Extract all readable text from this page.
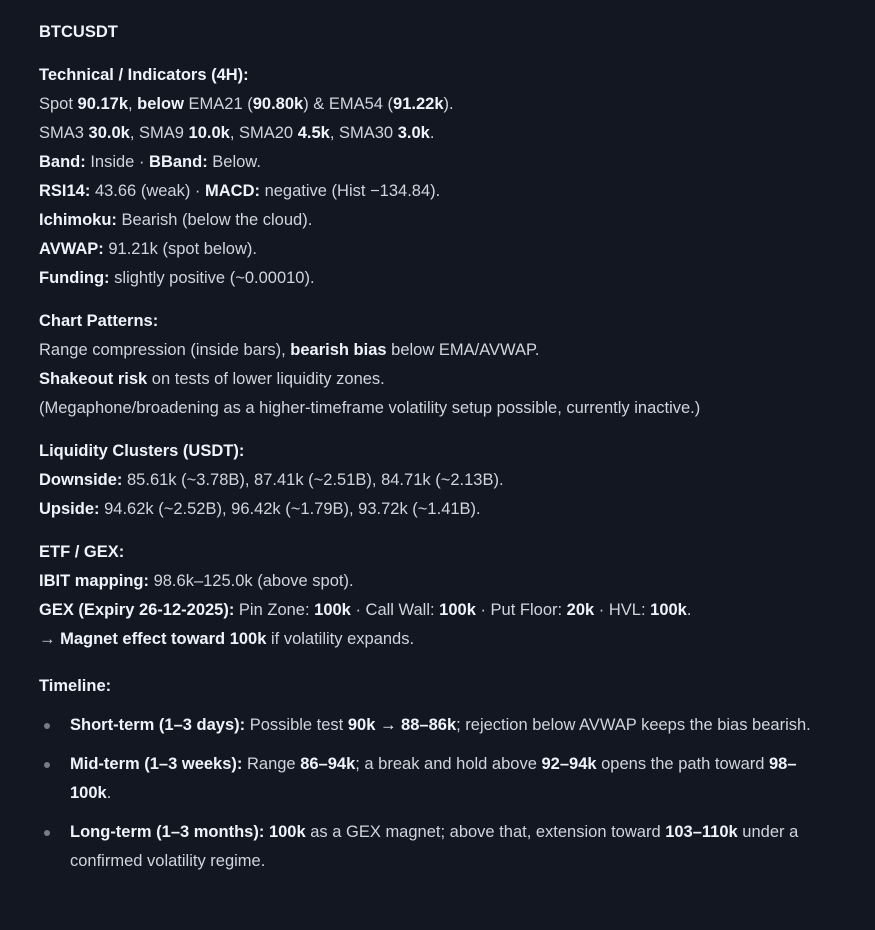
BTCUSDT

Technical / Indicators (4H):

Spot 90.17k, below EMA21 (90.80k) & EMA54 (91.22k).

SMA3 30.0k, SMA9 10.0k, SMA20 4.5k, SMA30 3.0k.

Band: Inside · BBand: Below.

RSI14: 43.66 (weak) · MACD: negative (Hist −134.84).

Ichimoku: Bearish (below the cloud).

AVWAP: 91.21k (spot below).

Funding: slightly positive (~0.00010).

Chart Patterns:

Range compression (inside bars), bearish bias below EMA/AVWAP.

Shakeout risk on tests of lower liquidity zones.

(Megaphone/broadening as a higher-timeframe volatility setup possible, currently inactive.)

Liquidity Clusters (USDT):

Downside: 85.61k (~3.78B), 87.41k (~2.51B), 84.71k (~2.13B).

Upside: 94.62k (~2.52B), 96.42k (~1.79B), 93.72k (~1.41B).

ETF / GEX:

IBIT mapping: 98.6k–125.0k (above spot).

GEX (Expiry 26-12-2025): Pin Zone: 100k · Call Wall: 100k · Put Floor: 20k · HVL: 100k.

→ Magnet effect toward 100k if volatility expands.

Timeline:

Short-term (1–3 days): Possible test 90k → 88–86k; rejection below AVWAP keeps the bias bearish.
Mid-term (1–3 weeks): Range 86–94k; a break and hold above 92–94k opens the path toward 98–100k.
Long-term (1–3 months): 100k as a GEX magnet; above that, extension toward 103–110k under a confirmed volatility regime.
